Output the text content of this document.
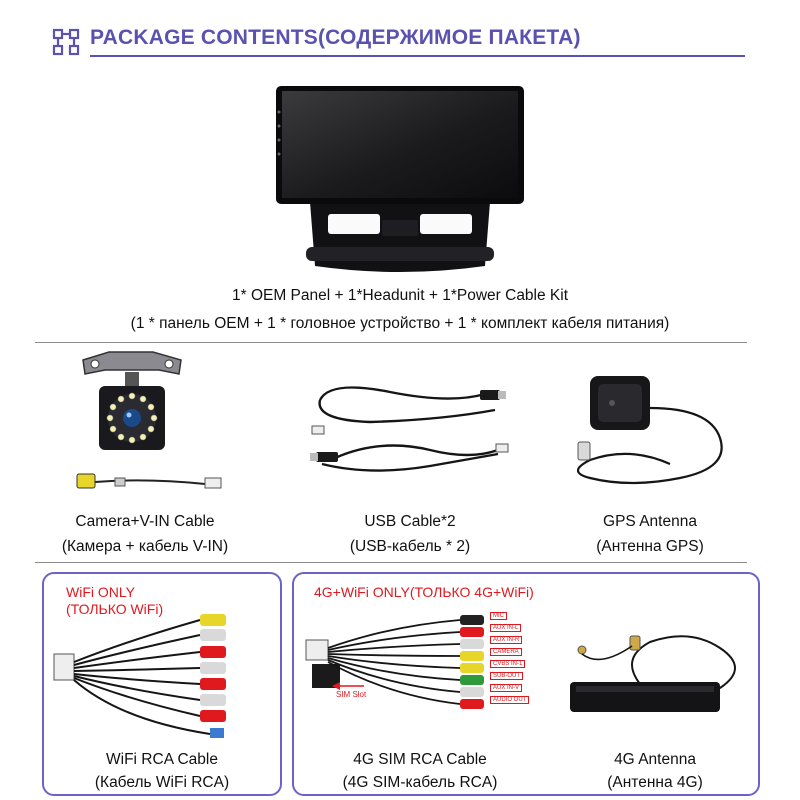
PACKAGE CONTENTS(СОДЕРЖИМОЕ ПАКЕТА)
1* OEM Panel + 1*Headunit + 1*Power Cable Kit
(1 * панель OEM + 1 * головное устройство + 1 * комплект кабеля питания)
Camera+V-IN Cable
(Камера + кабель V-IN)
USB Cable*2
(USB-кабель * 2)
GPS Antenna
(Антенна GPS)
WiFi ONLY
(ТОЛЬКО WiFi)
WiFi RCA Cable
(Кабель WiFi RCA)
4G+WiFi ONLY(ТОЛЬКО 4G+WiFi)
MIC
AUX IN-L
AUX IN-R
CAMERA
CVBS IN-1
SUB-OUT
AUX IN-V
AUDIO OUT
SIM Slot
4G SIM RCA Cable
(4G SIM-кабель RCA)
4G Antenna
(Антенна 4G)
